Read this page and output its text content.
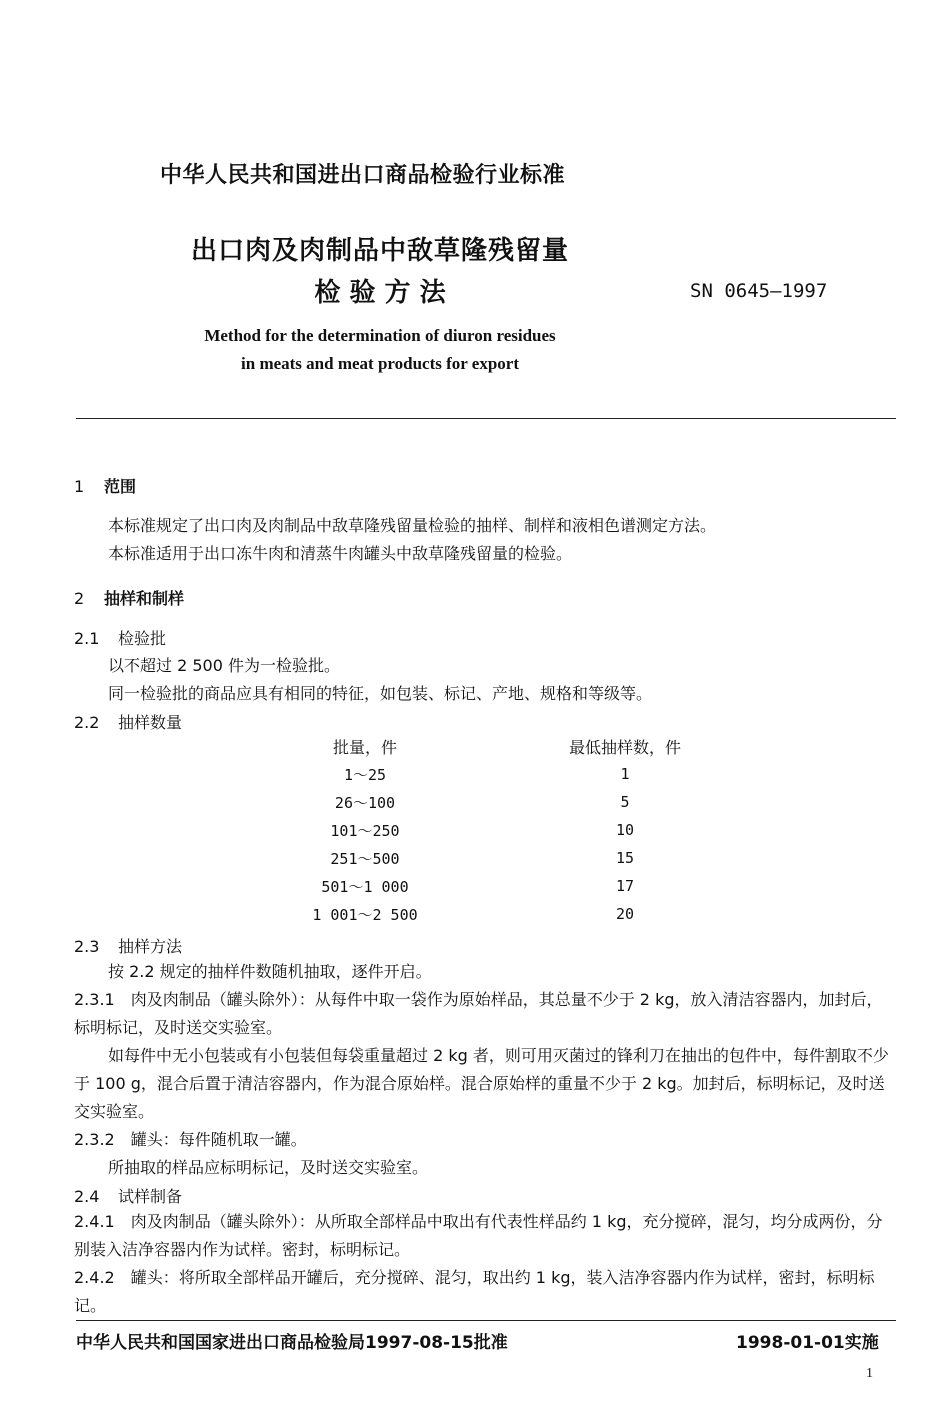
中华人民共和国进出口商品检验行业标准
出口肉及肉制品中敌草隆残留量
检 验 方 法	SN 0645—1997
Method for the determination of diuron residues
in meats and meat products for export
1 范围
本标准规定了出口肉及肉制品中敌草隆残留量检验的抽样、制样和液相色谱测定方法。
本标准适用于出口冻牛肉和清蒸牛肉罐头中敌草隆残留量的检验。
2 抽样和制样
2.1 检验批
以不超过 2 500 件为一检验批。
同一检验批的商品应具有相同的特征，如包装、标记、产地、规格和等级等。
2.2 抽样数量
批量，件	最低抽样数，件
1～25	1
26～100	5
101～250	10
251～500	15
501～1 000	17
1 001～2 500	20
2.3 抽样方法
按 2.2 规定的抽样件数随机抽取，逐件开启。
2.3.1　肉及肉制品（罐头除外）：从每件中取一袋作为原始样品，其总量不少于 2 kg，放入清洁容器内，加封后，标明标记，及时送交实验室。
如每件中无小包装或有小包装但每袋重量超过 2 kg 者，则可用灭菌过的锋利刀在抽出的包件中，每件割取不少于 100 g，混合后置于清洁容器内，作为混合原始样。混合原始样的重量不少于 2 kg。加封后，标明标记，及时送交实验室。
2.3.2　罐头：每件随机取一罐。
所抽取的样品应标明标记，及时送交实验室。
2.4 试样制备
2.4.1　肉及肉制品（罐头除外）：从所取全部样品中取出有代表性样品约 1 kg，充分搅碎，混匀，均分成两份，分别装入洁净容器内作为试样。密封，标明标记。
2.4.2　罐头：将所取全部样品开罐后，充分搅碎、混匀，取出约 1 kg，装入洁净容器内作为试样，密封，标明标记。
中华人民共和国国家进出口商品检验局1997-08-15批准	1998-01-01实施
1
